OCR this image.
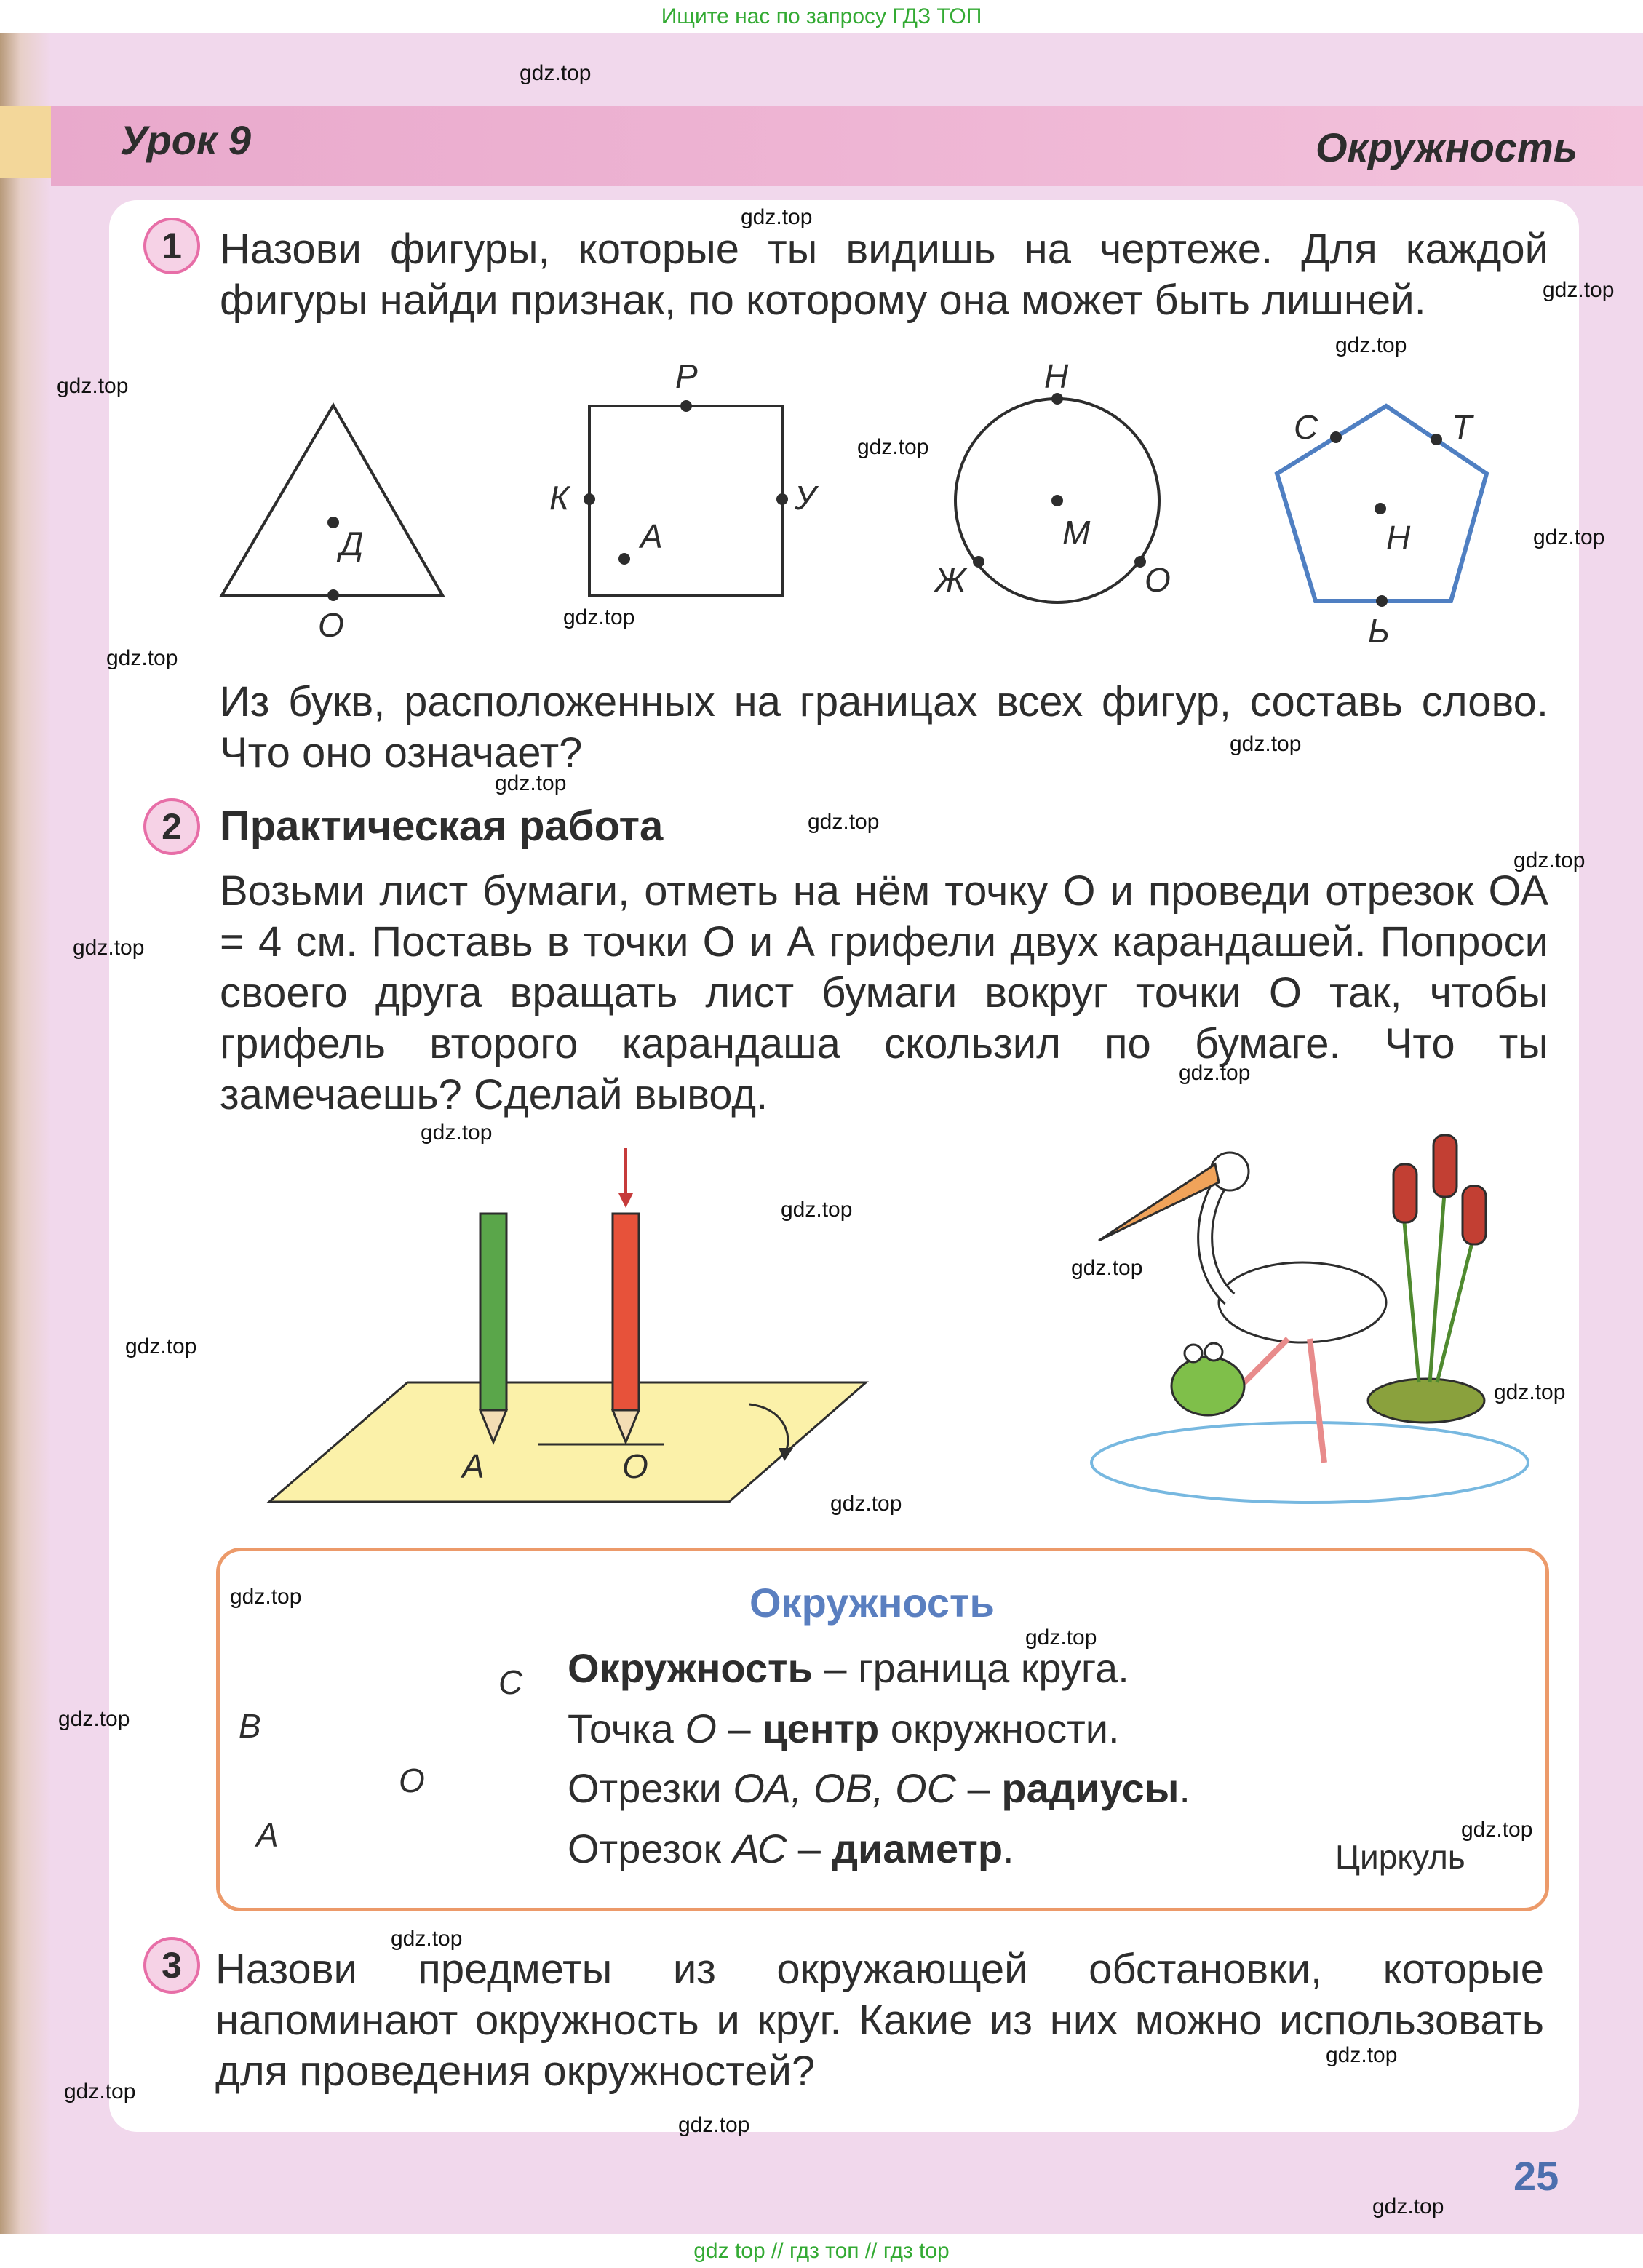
Ищите нас по запросу ГДЗ ТОП
Урок 9	Окружность
1 Назови фигуры, которые ты видишь на чертеже. Для каждой фигуры найди признак, по которому она может быть лишней.
Д
О
Р
К	У
А
Н
М
Ж	О
С	Т
Н
Ь
Из букв, расположенных на границах всех фигур, составь слово. Что оно означает?
2 Практическая работа
Возьми лист бумаги, отметь на нём точку О и проведи отрезок ОА = 4 см. Поставь в точки О и А грифели двух карандашей. Попроси своего друга вращать лист бумаги вокруг точки О так, чтобы грифель второго карандаша скользил по бумаге. Что ты замечаешь? Сделай вывод.
А	О
Окружность
Окружность – граница круга.
Точка О – центр окружности.
Отрезки ОА, ОВ, ОС – радиусы.
Отрезок АС – диаметр.
В
С
О
А
Циркуль
3 Назови предметы из окружающей обстановки, которые напоминают окружность и круг. Какие из них можно использовать для проведения окружностей?
25
gdz.top
gdz.top
gdz.top
gdz.top
gdz.top
gdz.top
gdz.top
gdz.top
gdz.top
gdz.top
gdz.top
gdz.top
gdz.top
gdz.top
gdz.top
gdz.top
gdz.top
gdz.top
gdz.top
gdz.top
gdz.top
gdz.top
gdz.top
gdz.top
gdz.top
gdz.top
gdz.top
gdz.top
gdz.top
gdz.top
gdz top // гдз топ // гдз top
